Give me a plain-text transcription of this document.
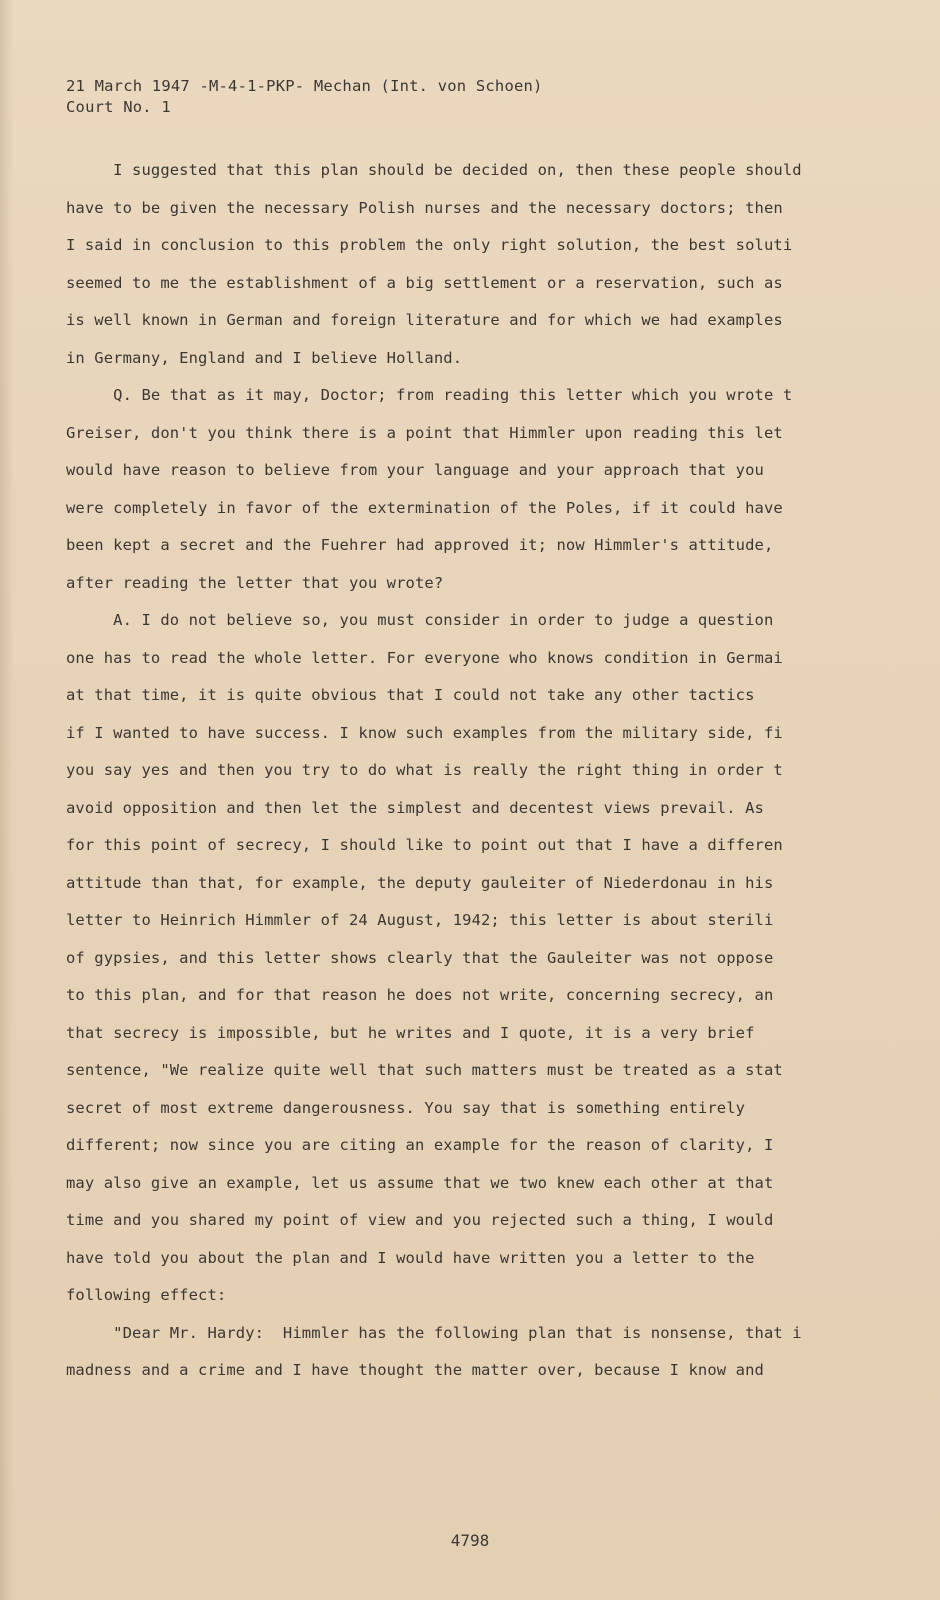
21 March 1947 -M-4-1-PKP- Mechan (Int. von Schoen)
Court No. 1
I suggested that this plan should be decided on, then these people should
have to be given the necessary Polish nurses and the necessary doctors; then
I said in conclusion to this problem the only right solution, the best soluti
seemed to me the establishment of a big settlement or a reservation, such as
is well known in German and foreign literature and for which we had examples
in Germany, England and I believe Holland.
Q. Be that as it may, Doctor; from reading this letter which you wrote t
Greiser, don't you think there is a point that Himmler upon reading this let
would have reason to believe from your language and your approach that you
were completely in favor of the extermination of the Poles, if it could have
been kept a secret and the Fuehrer had approved it; now Himmler's attitude,
after reading the letter that you wrote?
A. I do not believe so, you must consider in order to judge a question
one has to read the whole letter. For everyone who knows condition in Germai
at that time, it is quite obvious that I could not take any other tactics
if I wanted to have success. I know such examples from the military side, fi
you say yes and then you try to do what is really the right thing in order t
avoid opposition and then let the simplest and decentest views prevail. As
for this point of secrecy, I should like to point out that I have a differen
attitude than that, for example, the deputy gauleiter of Niederdonau in his
letter to Heinrich Himmler of 24 August, 1942; this letter is about sterili
of gypsies, and this letter shows clearly that the Gauleiter was not oppose
to this plan, and for that reason he does not write, concerning secrecy, an
that secrecy is impossible, but he writes and I quote, it is a very brief
sentence, "We realize quite well that such matters must be treated as a stat
secret of most extreme dangerousness. You say that is something entirely
different; now since you are citing an example for the reason of clarity, I
may also give an example, let us assume that we two knew each other at that
time and you shared my point of view and you rejected such a thing, I would
have told you about the plan and I would have written you a letter to the
following effect:
"Dear Mr. Hardy:  Himmler has the following plan that is nonsense, that i
madness and a crime and I have thought the matter over, because I know and
4798
